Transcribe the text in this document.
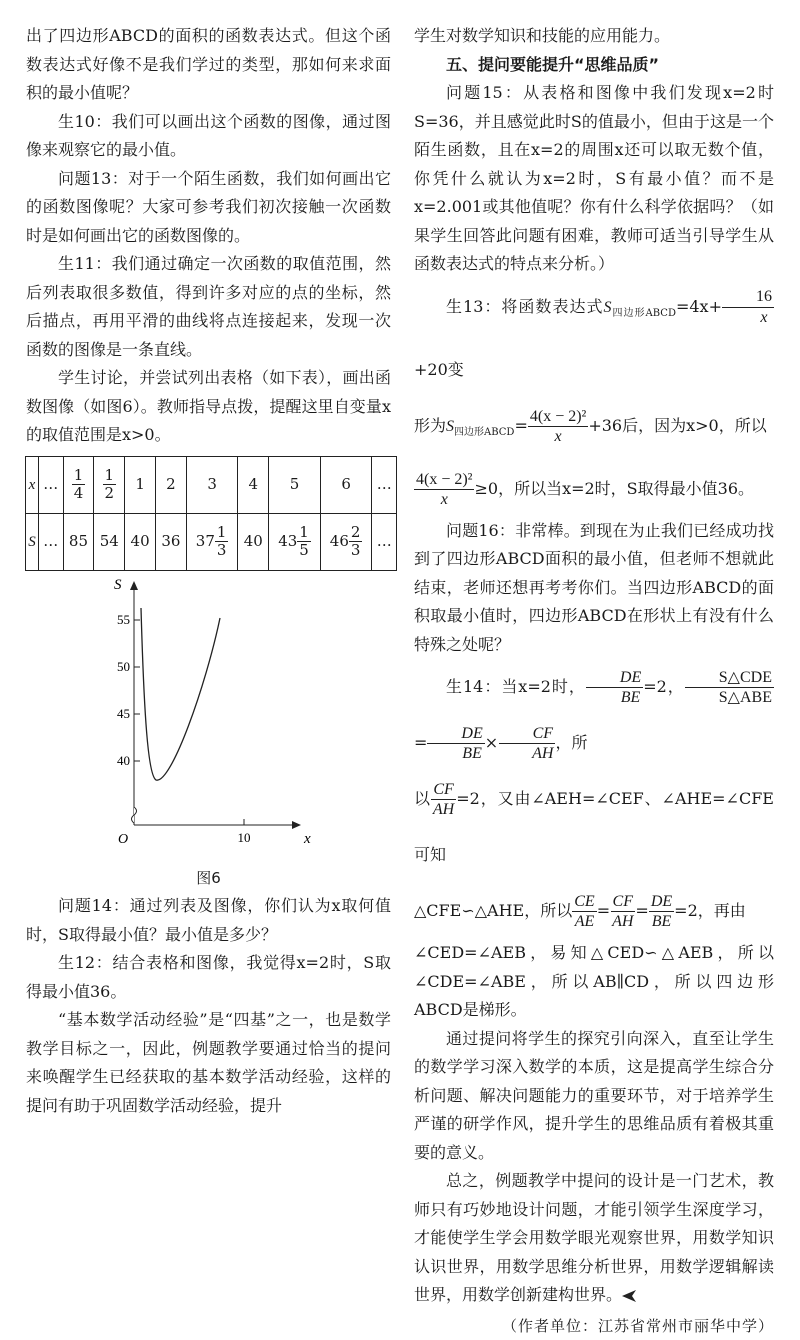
出了四边形ABCD的面积的函数表达式。但这个函数表达式好像不是我们学过的类型，那如何来求面积的最小值呢？

生10：我们可以画出这个函数的图像，通过图像来观察它的最小值。

问题13：对于一个陌生函数，我们如何画出它的函数图像呢？大家可参考我们初次接触一次函数时是如何画出它的函数图像的。

生11：我们通过确定一次函数的取值范围，然后列表取很多数值，得到许多对应的点的坐标，然后描点，再用平滑的曲线将点连接起来，发现一次函数的图像是一条直线。

学生讨论，并尝试列出表格（如下表），画出函数图像（如图6）。教师指导点拨，提醒这里自变量x的取值范围是x>0。

x	…	$\frac{1}{4}$	$\frac{1}{2}$	1	2	3	4	5	6	…
S	…	85	54	40	36	$37 \frac{1}{3}$	40	$43 \frac{1}{5}$	$46 \frac{2}{3}$	…
55
50
45
40
10
S
x
O
图6

问题14：通过列表及图像，你们认为x取何值时，S取得最小值？最小值是多少？

生12：结合表格和图像，我觉得x=2时，S取得最小值36。

“基本数学活动经验”是“四基”之一，也是数学教学目标之一，因此，例题教学要通过恰当的提问来唤醒学生已经获取的基本数学活动经验，这样的提问有助于巩固数学活动经验，提升

学生对数学知识和技能的应用能力。

五、提问要能提升“思维品质”

问题15：从表格和图像中我们发现x=2时S=36，并且感觉此时S的值最小，但由于这是一个陌生函数，且在x=2的周围x还可以取无数个值，你凭什么就认为x=2时，S有最小值？而不是x=2.001或其他值呢？你有什么科学依据吗？（如果学生回答此问题有困难，教师可适当引导学生从函数表达式的特点来分析。）

生13：将函数表达式$S_{四边形ABCD}=4x+ \frac{16}{x}$
+20变

形为$S_{四边形ABCD}= \frac{\text{4(x − 2)²}}{x} +36$后，因为x>0，所以

$\frac{\text{4(x − 2)²}}{x} \ge 0$，所以当x=2时，S取得最小值36。

问题16：非常棒。到现在为止我们已经成功找到了四边形ABCD面积的最小值，但老师不想就此结束，老师还想再考考你们。当四边形ABCD的面积取最小值时，四边形ABCD在形状上有没有什么特殊之处呢？

生14：当x=2时， $\frac{DE}{BE} =2$， $\frac{\text{S△CDE}}{\text{S△ABE}}$
= $\frac{DE}{BE} \times \frac{CF}{AH}$ ，所

以 $\frac{CF}{AH} =2$，又由∠AEH=∠CEF、∠AHE=∠CFE可知

△CFE∽△AHE，所以 $\frac{CE}{AE} = \frac{CF}{AH} = \frac{DE}{BE} =2$，再由

∠CED=∠AEB，易知△CED∽△AEB，所以∠CDE=∠ABE，所以AB∥CD，所以四边形ABCD是梯形。

通过提问将学生的探究引向深入，直至让学生的数学学习深入数学的本质，这是提高学生综合分析问题、解决问题能力的重要环节，对于培养学生严谨的研学作风，提升学生的思维品质有着极其重要的意义。

总之，例题教学中提问的设计是一门艺术，教师只有巧妙地设计问题，才能引领学生深度学习，才能使学生学会用数学眼光观察世界，用数学知识认识世界，用数学思维分析世界，用数学逻辑解读世界，用数学创新建构世界。

（作者单位：江苏省常州市丽华中学）
